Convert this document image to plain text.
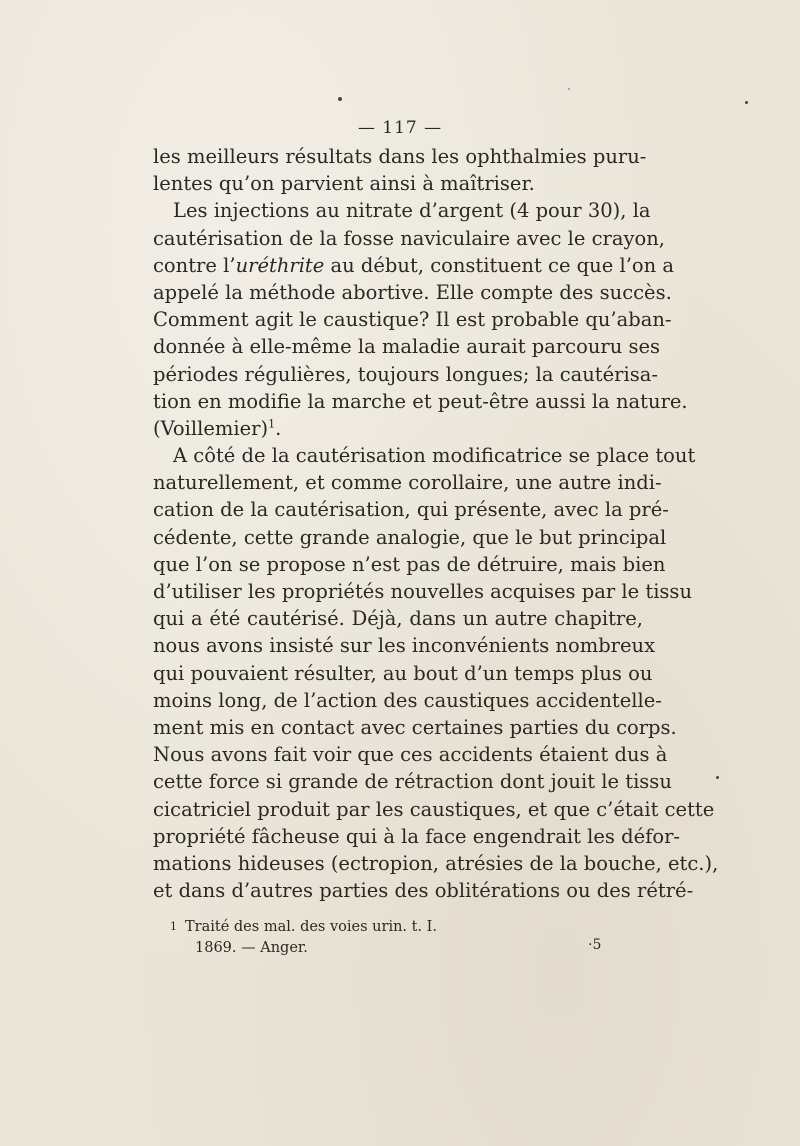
— 117 —
les meilleurs résultats dans les ophthalmies puru-
lentes qu’on parvient ainsi à maîtriser.
Les injections au nitrate d’argent (4 pour 30), la
cautérisation de la fosse naviculaire avec le crayon,
contre l’uréthrite au début, constituent ce que l’on a
appelé la méthode abortive. Elle compte des succès.
Comment agit le caustique? Il est probable qu’aban-
donnée à elle-même la maladie aurait parcouru ses
périodes régulières, toujours longues; la cautérisa-
tion en modifie la marche et peut-être aussi la nature.
(Voillemier)$^1$.
A côté de la cautérisation modificatrice se place tout
naturellement, et comme corollaire, une autre indi-
cation de la cautérisation, qui présente, avec la pré-
cédente, cette grande analogie, que le but principal
que l’on se propose n’est pas de détruire, mais bien
d’utiliser les propriétés nouvelles acquises par le tissu
qui a été cautérisé. Déjà, dans un autre chapitre,
nous avons insisté sur les inconvénients nombreux
qui pouvaient résulter, au bout d’un temps plus ou
moins long, de l’action des caustiques accidentelle-
ment mis en contact avec certaines parties du corps.
Nous avons fait voir que ces accidents étaient dus à
cette force si grande de rétraction dont jouit le tissu
cicatriciel produit par les caustiques, et que c’était cette
propriété fâcheuse qui à la face engendrait les défor-
mations hideuses (ectropion, atrésies de la bouche, etc.),
et dans d’autres parties des oblitérations ou des rétré-
1 Traité des mal. des voies urin. t. I.
1869. — Anger.	·5
